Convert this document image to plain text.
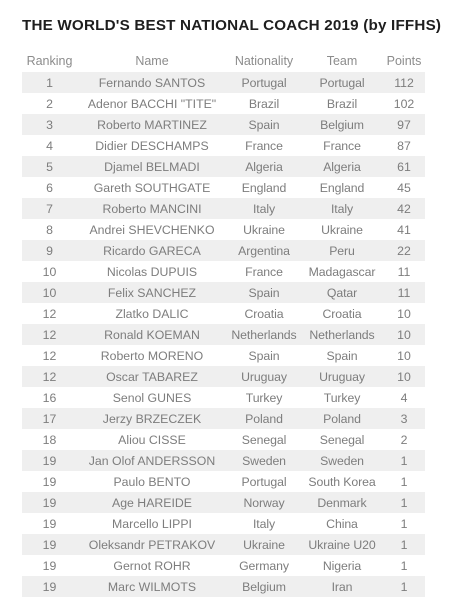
THE WORLD'S BEST NATIONAL COACH 2019 (by IFFHS)
Ranking	Name	Nationality	Team	Points
1	Fernando SANTOS	Portugal	Portugal	112
2	Adenor BACCHI "TITE"	Brazil	Brazil	102
3	Roberto MARTINEZ	Spain	Belgium	97
4	Didier DESCHAMPS	France	France	87
5	Djamel BELMADI	Algeria	Algeria	61
6	Gareth SOUTHGATE	England	England	45
7	Roberto MANCINI	Italy	Italy	42
8	Andrei SHEVCHENKO	Ukraine	Ukraine	41
9	Ricardo GARECA	Argentina	Peru	22
10	Nicolas DUPUIS	France	Madagascar	11
10	Felix SANCHEZ	Spain	Qatar	11
12	Zlatko DALIC	Croatia	Croatia	10
12	Ronald KOEMAN	Netherlands	Netherlands	10
12	Roberto MORENO	Spain	Spain	10
12	Oscar TABAREZ	Uruguay	Uruguay	10
16	Senol GUNES	Turkey	Turkey	4
17	Jerzy BRZECZEK	Poland	Poland	3
18	Aliou CISSE	Senegal	Senegal	2
19	Jan Olof ANDERSSON	Sweden	Sweden	1
19	Paulo BENTO	Portugal	South Korea	1
19	Age HAREIDE	Norway	Denmark	1
19	Marcello LIPPI	Italy	China	1
19	Oleksandr PETRAKOV	Ukraine	Ukraine U20	1
19	Gernot ROHR	Germany	Nigeria	1
19	Marc WILMOTS	Belgium	Iran	1
